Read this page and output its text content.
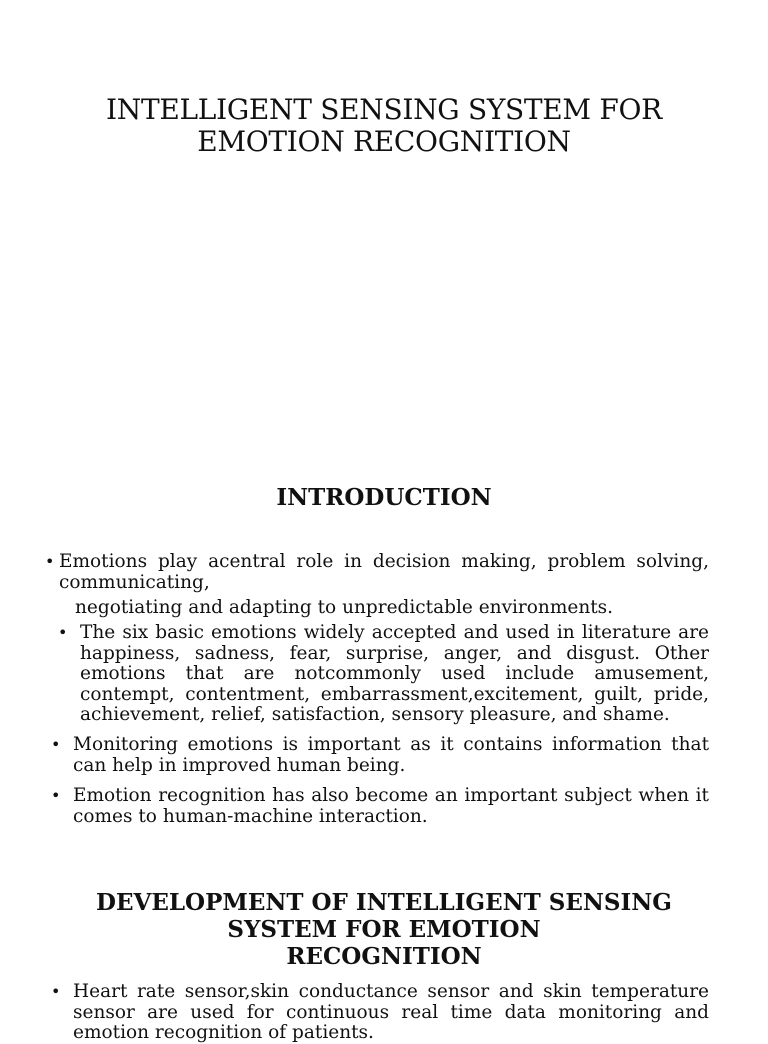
INTELLIGENT SENSING SYSTEM FOR
EMOTION RECOGNITION
INTRODUCTION
• Emotions play acentral role in decision making, problem solving, communicating,
negotiating and adapting to unpredictable environments.
• The six basic emotions widely accepted and used in literature are happiness, sadness, fear, surprise, anger, and disgust. Other emotions that are notcommonly used include amusement, contempt, contentment, embarrassment,excitement, guilt, pride, achievement, relief, satisfaction, sensory pleasure, and shame.
• Monitoring emotions is important as it contains information that can help in improved human being.
• Emotion recognition has also become an important subject when it comes to human-machine interaction.
DEVELOPMENT OF INTELLIGENT SENSING
SYSTEM FOR EMOTION
RECOGNITION
• Heart rate sensor,skin conductance sensor and skin temperature sensor are used for continuous real time data monitoring and emotion recognition of patients.
